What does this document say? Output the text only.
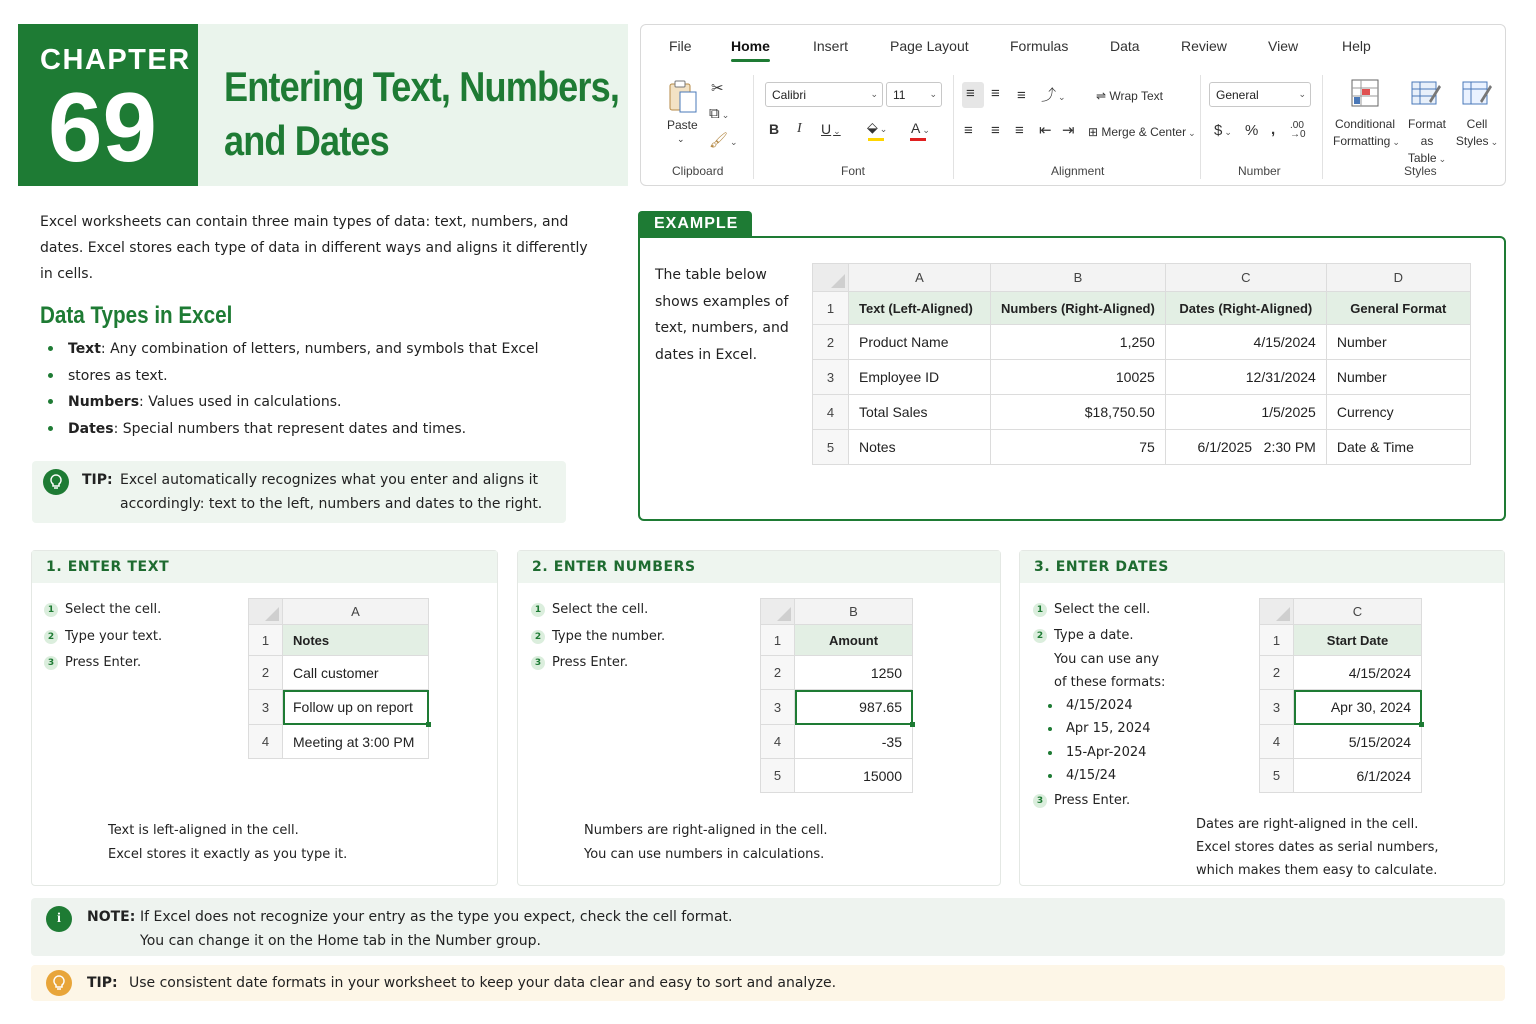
CHAPTER
69 Entering Text, Numbers,
and Dates
File	Home	Insert	Page Layout	Formulas	Data	Review	View	Help
Paste
⌄
✂
⧉ ⌄
🖌 ⌄
Clipboard
Calibri	⌄	11	⌄
B I U ⌄ ⬙ ⌄ A ⌄
Font
≡ ≡ ≡ ⤴ ⌄	⇌ Wrap Text
≡ ≡ ≡ ⇤ ⇥ ⊞ Merge & Center ⌄
Alignment
General	⌄
$ ⌄ % , .00
→0
Number
Conditional
Formatting ⌄
Format
as Table ⌄
Cell
Styles ⌄
Styles
Excel worksheets can contain three main types of data: text, numbers, and dates. Excel stores each type of data in different ways and aligns it differently in cells.
Data Types in Excel
Text: Any combination of letters, numbers, and symbols that Excel
stores as text.
Numbers: Values used in calculations.
Dates: Special numbers that represent dates and times.
TIP: Excel automatically recognizes what you enter and aligns it
accordingly: text to the left, numbers and dates to the right.
EXAMPLE
The table below shows examples of text, numbers, and dates in Excel.
	A	B	C	D
1	Text (Left-Aligned)	Numbers (Right-Aligned)	Dates (Right-Aligned)	General Format
2	Product Name	1,250	4/15/2024	Number
3	Employee ID	10025	12/31/2024	Number
4	Total Sales	$18,750.50	1/5/2025	Currency
5	Notes	75	6/1/2025   2:30 PM	Date & Time
1. ENTER TEXT
1 Select the cell.
2 Type your text.
3 Press Enter.
	A
1	Notes
2	Call customer
3	Follow up on report
4	Meeting at 3:00 PM
Text is left-aligned in the cell.
Excel stores it exactly as you type it.
2. ENTER NUMBERS
1 Select the cell.
2 Type the number.
3 Press Enter.
	B
1	Amount
2	1250
3	987.65
4	-35
5	15000
Numbers are right-aligned in the cell.
You can use numbers in calculations.
3. ENTER DATES
1 Select the cell.
2 Type a date.
You can use any
of these formats:
4/15/2024
Apr 15, 2024
15-Apr-2024
4/15/24
3 Press Enter.
	C
1	Start Date
2	4/15/2024
3	Apr 30, 2024
4	5/15/2024
5	6/1/2024
Dates are right-aligned in the cell.
Excel stores dates as serial numbers,
which makes them easy to calculate.
i	NOTE: If Excel does not recognize your entry as the type you expect, check the cell format.
You can change it on the Home tab in the Number group.
TIP: Use consistent date formats in your worksheet to keep your data clear and easy to sort and analyze.
